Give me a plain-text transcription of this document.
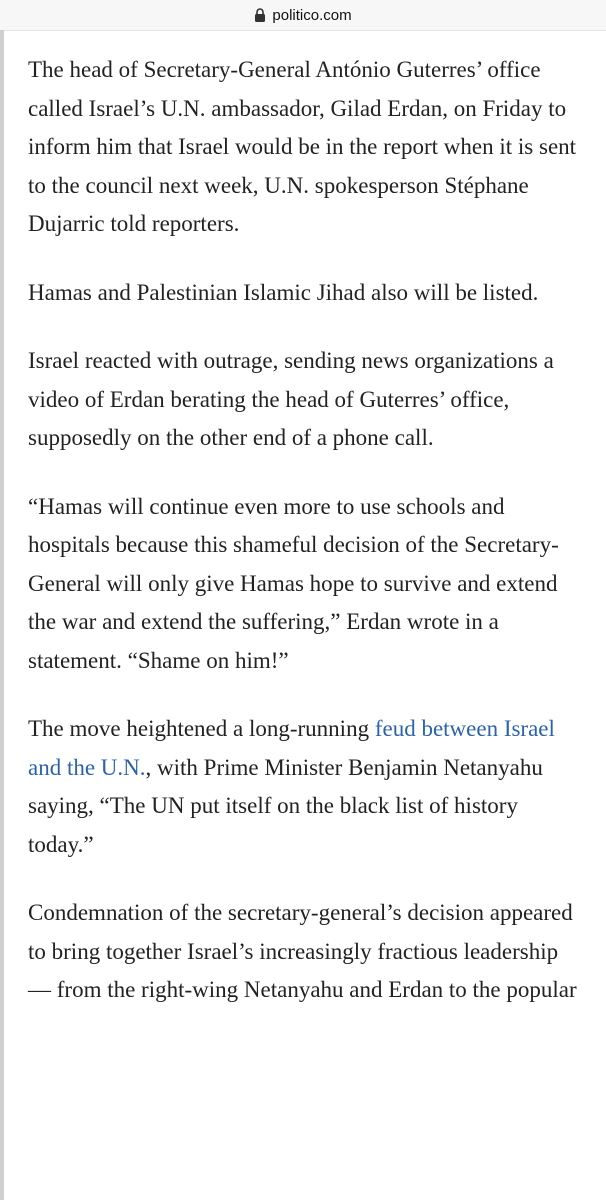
politico.com

The head of Secretary-General António Guterres’ office called Israel’s U.N. ambassador, Gilad Erdan, on Friday to inform him that Israel would be in the report when it is sent to the council next week, U.N. spokesperson Stéphane Dujarric told reporters.

Hamas and Palestinian Islamic Jihad also will be listed.

Israel reacted with outrage, sending news organizations a video of Erdan berating the head of Guterres’ office, supposedly on the other end of a phone call.

“Hamas will continue even more to use schools and hospitals because this shameful decision of the Secretary-General will only give Hamas hope to survive and extend the war and extend the suffering,” Erdan wrote in a statement. “Shame on him!”

The move heightened a long-running feud between Israel and the U.N., with Prime Minister Benjamin Netanyahu saying, “The UN put itself on the black list of history today.”

Condemnation of the secretary-general’s decision appeared to bring together Israel’s increasingly fractious leadership — from the right-wing Netanyahu and Erdan to the popular
